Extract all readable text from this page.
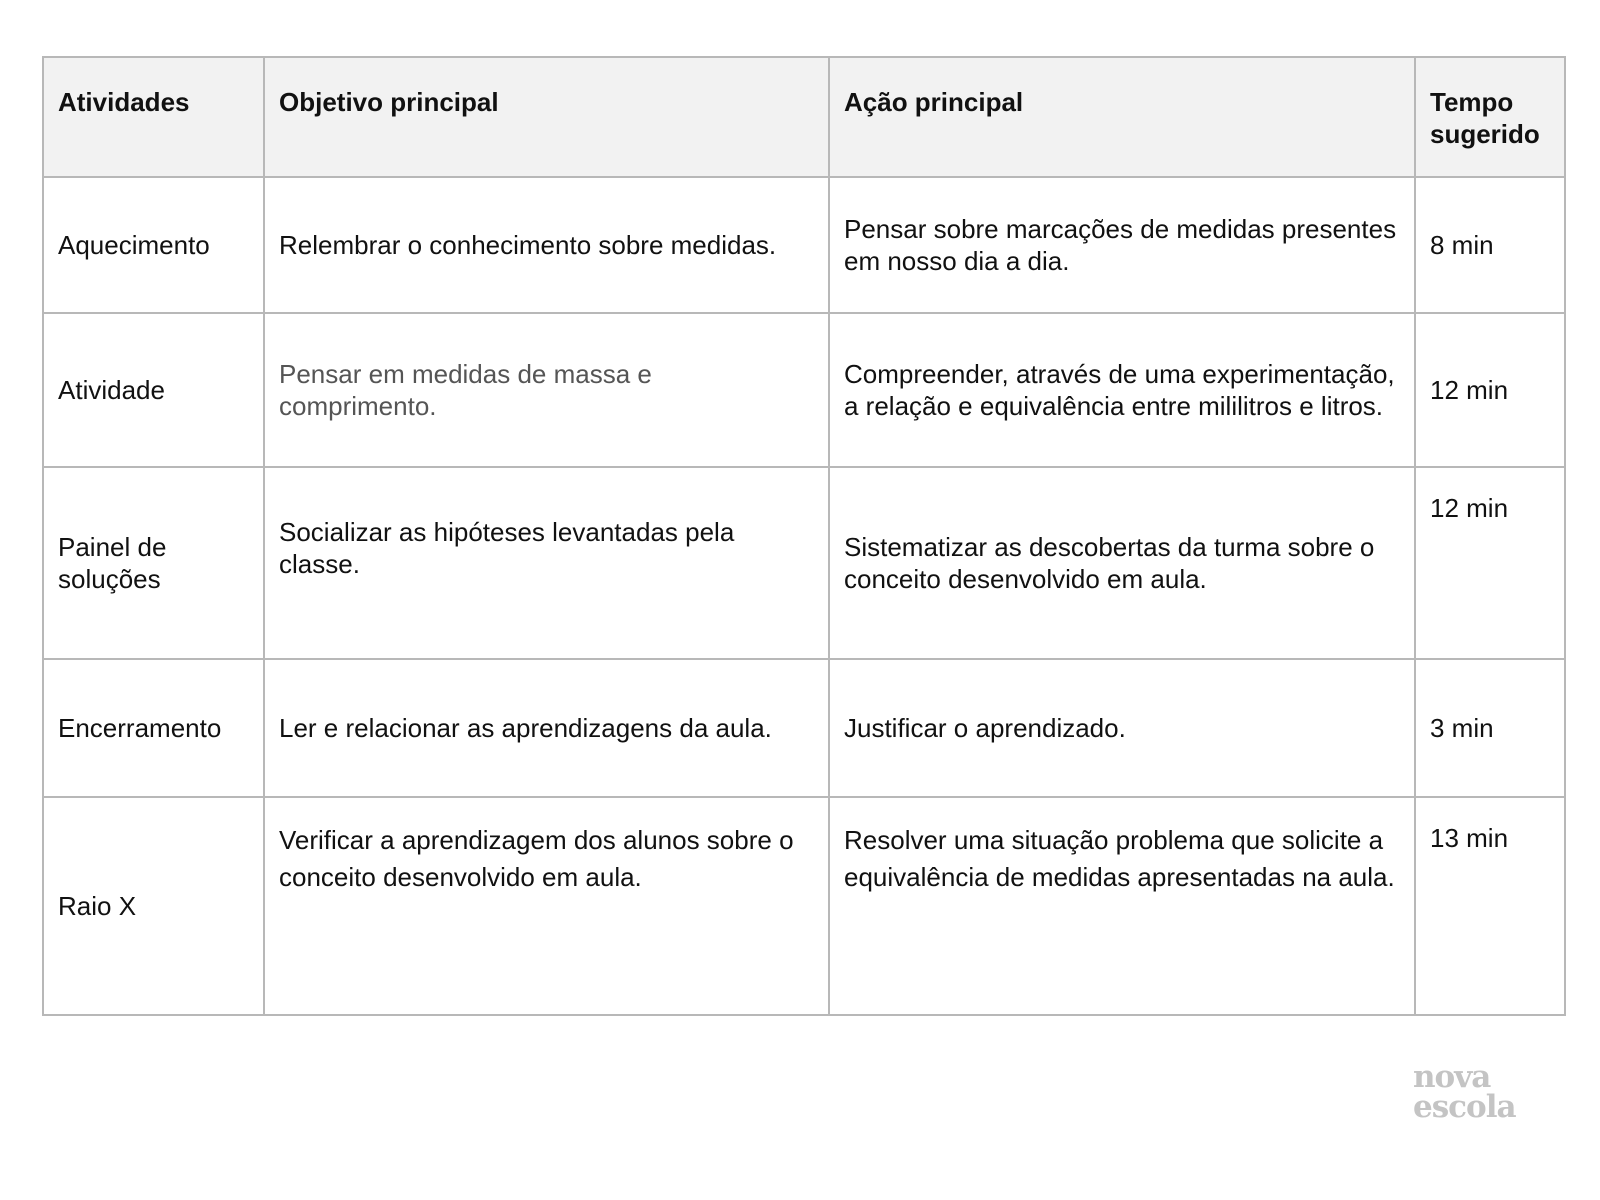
Atividades	Objetivo principal	Ação principal	Tempo sugerido
Aquecimento	Relembrar o conhecimento sobre medidas.	Pensar sobre marcações de medidas presentes em nosso dia a dia.	8 min
Atividade	Pensar em medidas de massa e comprimento.	Compreender, através de uma experimentação, a relação e equivalência entre mililitros e litros.	12 min
Painel de soluções	Socializar as hipóteses levantadas pela classe.	Sistematizar as descobertas da turma sobre o conceito desenvolvido em aula.	12 min
Encerramento	Ler e relacionar as aprendizagens da aula.	Justificar o aprendizado.	3 min
Raio X	Verificar a aprendizagem dos alunos sobre o conceito desenvolvido em aula.	Resolver uma situação problema que solicite a equivalência de medidas apresentadas na aula.	13 min
nova
escola
